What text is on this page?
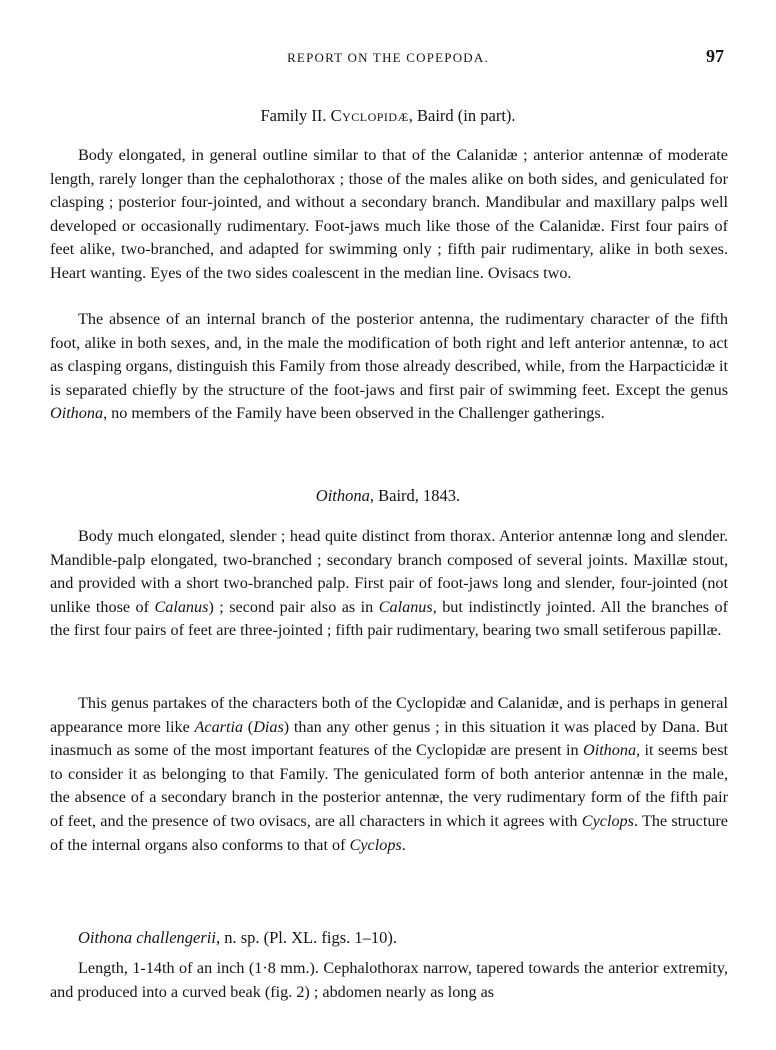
REPORT ON THE COPEPODA.	97
Family II. Cyclopidæ, Baird (in part).

Body elongated, in general outline similar to that of the Calanidæ ; anterior antennæ of moderate length, rarely longer than the cephalothorax ; those of the males alike on both sides, and geniculated for clasping ; posterior four-jointed, and without a secondary branch. Mandibular and maxillary palps well developed or occasionally rudimentary. Foot-jaws much like those of the Calanidæ. First four pairs of feet alike, two-branched, and adapted for swimming only ; fifth pair rudimentary, alike in both sexes. Heart wanting. Eyes of the two sides coalescent in the median line. Ovisacs two.

The absence of an internal branch of the posterior antenna, the rudimentary character of the fifth foot, alike in both sexes, and, in the male the modification of both right and left anterior antennæ, to act as clasping organs, distinguish this Family from those already described, while, from the Harpacticidæ it is separated chiefly by the structure of the foot-jaws and first pair of swimming feet. Except the genus Oithona, no members of the Family have been observed in the Challenger gatherings.

Oithona, Baird, 1843.

Body much elongated, slender ; head quite distinct from thorax. Anterior antennæ long and slender. Mandible-palp elongated, two-branched ; secondary branch composed of several joints. Maxillæ stout, and provided with a short two-branched palp. First pair of foot-jaws long and slender, four-jointed (not unlike those of Calanus) ; second pair also as in Calanus, but indistinctly jointed. All the branches of the first four pairs of feet are three-jointed ; fifth pair rudimentary, bearing two small setiferous papillæ.

This genus partakes of the characters both of the Cyclopidæ and Calanidæ, and is perhaps in general appearance more like Acartia (Dias) than any other genus ; in this situation it was placed by Dana. But inasmuch as some of the most important features of the Cyclopidæ are present in Oithona, it seems best to consider it as belonging to that Family. The geniculated form of both anterior antennæ in the male, the absence of a secondary branch in the posterior antennæ, the very rudimentary form of the fifth pair of feet, and the presence of two ovisacs, are all characters in which it agrees with Cyclops. The structure of the internal organs also conforms to that of Cyclops.

Oithona challengerii, n. sp. (Pl. XL. figs. 1–10).

Length, 1-14th of an inch (1·8 mm.). Cephalothorax narrow, tapered towards the anterior extremity, and produced into a curved beak (fig. 2) ; abdomen nearly as long as
